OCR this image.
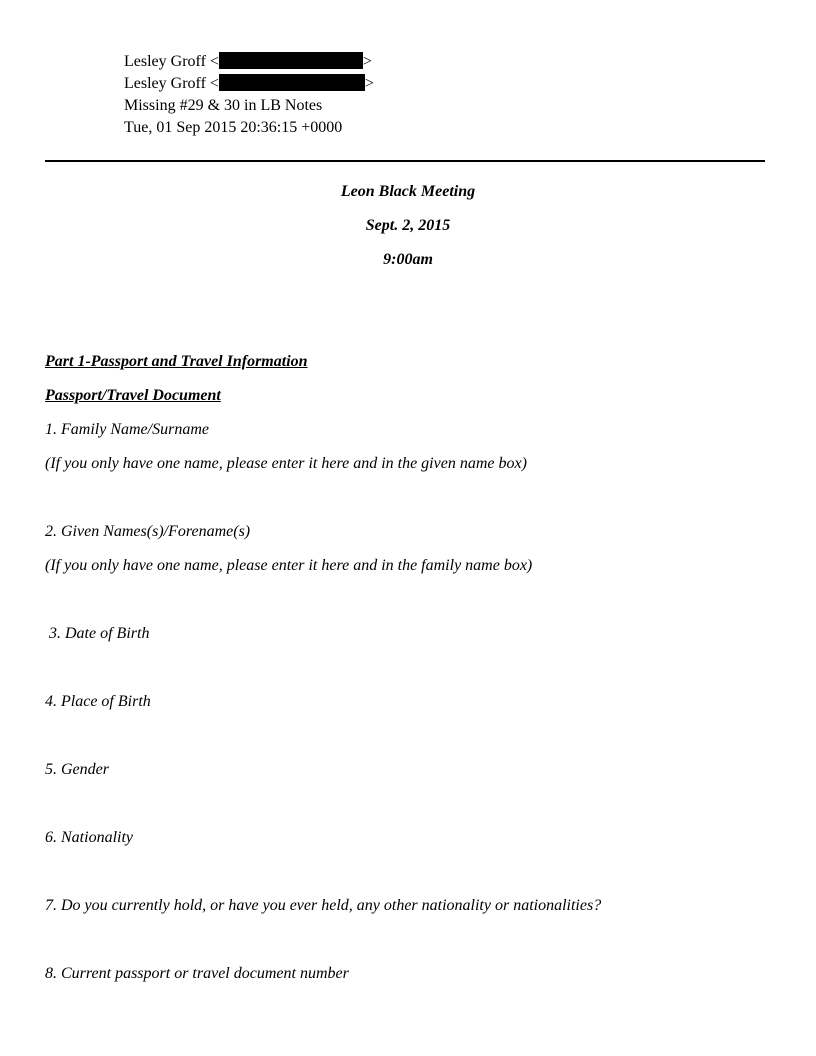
Lesley Groff <	>
Lesley Groff <	>
Missing #29 & 30 in LB Notes
Tue, 01 Sep 2015 20:36:15 +0000
Leon Black Meeting
Sept. 2, 2015
9:00am
Part 1-Passport and Travel Information
Passport/Travel Document
1. Family Name/Surname
(If you only have one name, please enter it here and in the given name box)
2. Given Names(s)/Forename(s)
(If you only have one name, please enter it here and in the family name box)
3. Date of Birth
4. Place of Birth
5. Gender
6. Nationality
7. Do you currently hold, or have you ever held, any other nationality or nationalities?
8. Current passport or travel document number
